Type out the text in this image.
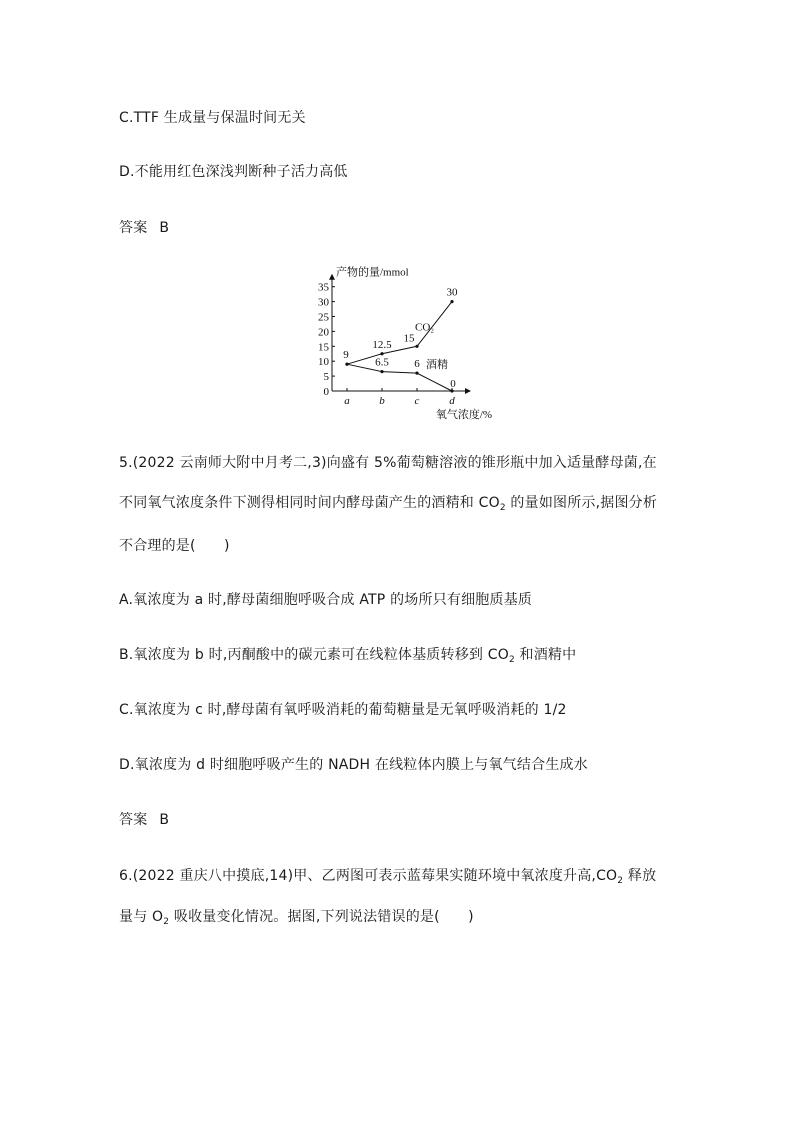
C.TTF 生成量与保温时间无关
D.不能用红色深浅判断种子活力高低
答案 B
产物的量/mmol
0
5
10
15
20
25
30
35
a	b	c	d
氧气浓度/%
9
12.5
15
30
6.5 6
0
CO₂
酒精
5.(2022 云南师大附中月考二,3)向盛有 5%葡萄糖溶液的锥形瓶中加入适量酵母菌,在
不同氧气浓度条件下测得相同时间内酵母菌产生的酒精和 $CO_2$ 的量如图所示,据图分析
不合理的是(　　)
A.氧浓度为 a 时,酵母菌细胞呼吸合成 ATP 的场所只有细胞质基质
B.氧浓度为 b 时,丙酮酸中的碳元素可在线粒体基质转移到 $CO_2$ 和酒精中
C.氧浓度为 c 时,酵母菌有氧呼吸消耗的葡萄糖量是无氧呼吸消耗的 1/2
D.氧浓度为 d 时细胞呼吸产生的 NADH 在线粒体内膜上与氧气结合生成水
答案 B
6.(2022 重庆八中摸底,14)甲、乙两图可表示蓝莓果实随环境中氧浓度升高$,CO_2$ 释放
量与 $O_2$ 吸收量变化情况。据图,下列说法错误的是(　　)
